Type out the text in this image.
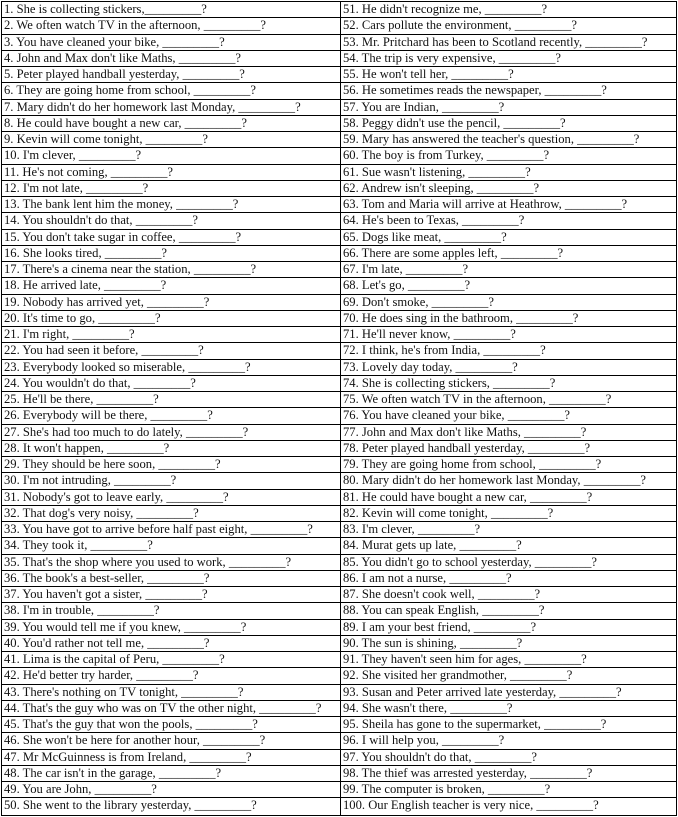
1. She is collecting stickers,_________?
2. We often watch TV in the afternoon, _________?
3. You have cleaned your bike, _________?
4. John and Max don't like Maths, _________?
5. Peter played handball yesterday, _________?
6. They are going home from school, _________?
7. Mary didn't do her homework last Monday, _________?
8. He could have bought a new car, _________?
9. Kevin will come tonight, _________?
10. I'm clever, _________?
11. He's not coming, _________?
12. I'm not late, _________?
13. The bank lent him the money, _________?
14. You shouldn't do that, _________?
15. You don't take sugar in coffee, _________?
16. She looks tired, _________?
17. There's a cinema near the station, _________?
18. He arrived late, _________?
19. Nobody has arrived yet, _________?
20. It's time to go, _________?
21. I'm right, _________?
22. You had seen it before, _________?
23. Everybody looked so miserable, _________?
24. You wouldn't do that, _________?
25. He'll be there, _________?
26. Everybody will be there, _________?
27. She's had too much to do lately, _________?
28. It won't happen, _________?
29. They should be here soon, _________?
30. I'm not intruding, _________?
31. Nobody's got to leave early, _________?
32. That dog's very noisy, _________?
33. You have got to arrive before half past eight, _________?
34. They took it, _________?
35. That's the shop where you used to work, _________?
36. The book's a best-seller, _________?
37. You haven't got a sister, _________?
38. I'm in trouble, _________?
39. You would tell me if you knew, _________?
40. You'd rather not tell me, _________?
41. Lima is the capital of Peru, _________?
42. He'd better try harder, _________?
43. There's nothing on TV tonight, _________?
44. That's the guy who was on TV the other night, _________?
45. That's the guy that won the pools, _________?
46. She won't be here for another hour, _________?
47. Mr McGuinness is from Ireland, _________?
48. The car isn't in the garage, _________?
49. You are John, _________?
50. She went to the library yesterday, _________?
51. He didn't recognize me, _________?
52. Cars pollute the environment, _________?
53. Mr. Pritchard has been to Scotland recently, _________?
54. The trip is very expensive, _________?
55. He won't tell her, _________?
56. He sometimes reads the newspaper, _________?
57. You are Indian, _________?
58. Peggy didn't use the pencil, _________?
59. Mary has answered the teacher's question, _________?
60. The boy is from Turkey, _________?
61. Sue wasn't listening, _________?
62. Andrew isn't sleeping, _________?
63. Tom and Maria will arrive at Heathrow, _________?
64. He's been to Texas, _________?
65. Dogs like meat, _________?
66. There are some apples left, _________?
67. I'm late, _________?
68. Let's go, _________?
69. Don't smoke, _________?
70. He does sing in the bathroom, _________?
71. He'll never know, _________?
72. I think, he's from India, _________?
73. Lovely day today, _________?
74. She is collecting stickers, _________?
75. We often watch TV in the afternoon, _________?
76. You have cleaned your bike, _________?
77. John and Max don't like Maths, _________?
78. Peter played handball yesterday, _________?
79. They are going home from school, _________?
80. Mary didn't do her homework last Monday, _________?
81. He could have bought a new car, _________?
82. Kevin will come tonight, _________?
83. I'm clever, _________?
84. Murat gets up late, _________?
85. You didn't go to school yesterday, _________?
86. I am not a nurse, _________?
87. She doesn't cook well, _________?
88. You can speak English, _________?
89. I am your best friend, _________?
90. The sun is shining, _________?
91. They haven't seen him for ages, _________?
92. She visited her grandmother, _________?
93. Susan and Peter arrived late yesterday, _________?
94. She wasn't there, _________?
95. Sheila has gone to the supermarket, _________?
96. I will help you, _________?
97. You shouldn't do that, _________?
98. The thief was arrested yesterday, _________?
99. The computer is broken, _________?
100. Our English teacher is very nice, _________?
